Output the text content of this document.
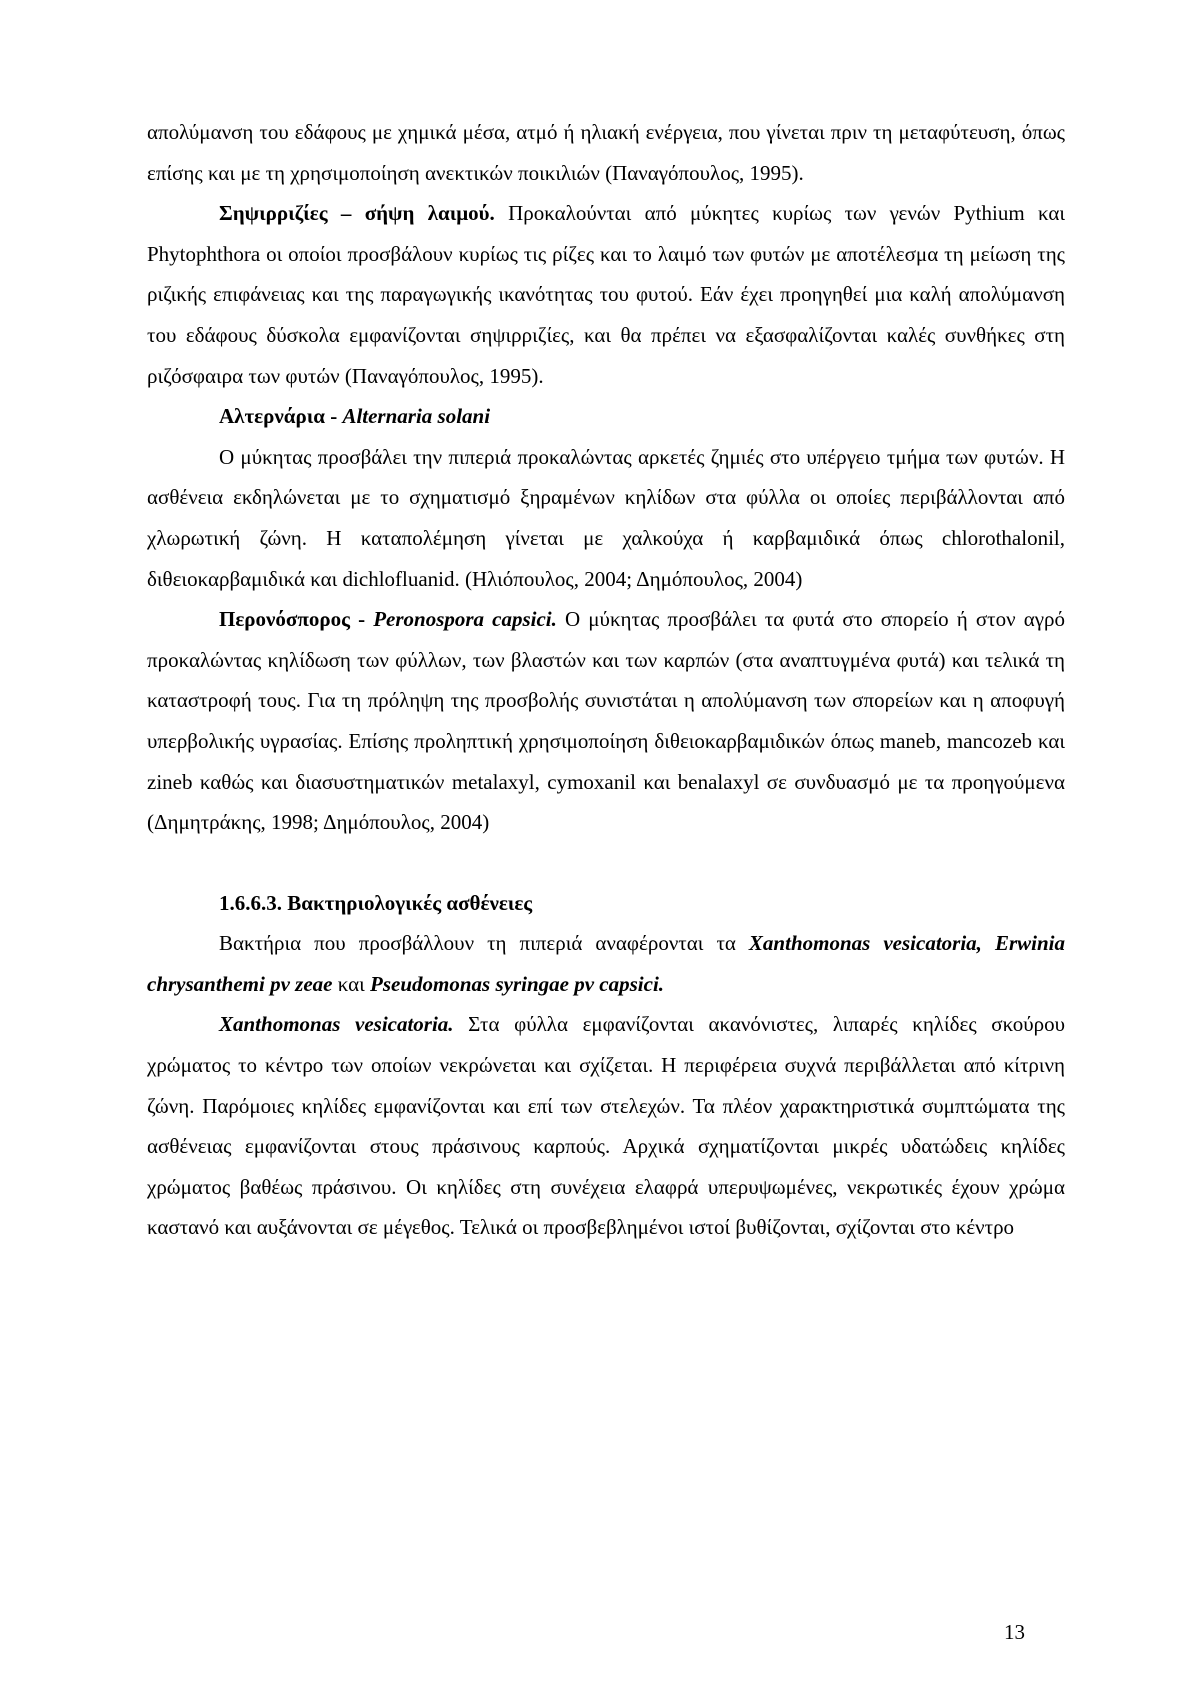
απολύμανση του εδάφους με χημικά μέσα, ατμό ή ηλιακή ενέργεια, που γίνεται πριν τη μεταφύτευση, όπως επίσης και με τη χρησιμοποίηση ανεκτικών ποικιλιών (Παναγόπουλος, 1995).

Σηψιρριζίες – σήψη λαιμού. Προκαλούνται από μύκητες κυρίως των γενών Pythium και Phytophthora οι οποίοι προσβάλουν κυρίως τις ρίζες και το λαιμό των φυτών με αποτέλεσμα τη μείωση της ριζικής επιφάνειας και της παραγωγικής ικανότητας του φυτού. Εάν έχει προηγηθεί μια καλή απολύμανση του εδάφους δύσκολα εμφανίζονται σηψιρριζίες, και θα πρέπει να εξασφαλίζονται καλές συνθήκες στη ριζόσφαιρα των φυτών (Παναγόπουλος, 1995).

Αλτερνάρια - Alternaria solani

Ο μύκητας προσβάλει την πιπεριά προκαλώντας αρκετές ζημιές στο υπέργειο τμήμα των φυτών. Η ασθένεια εκδηλώνεται με το σχηματισμό ξηραμένων κηλίδων στα φύλλα οι οποίες περιβάλλονται από χλωρωτική ζώνη. Η καταπολέμηση γίνεται με χαλκούχα ή καρβαμιδικά όπως chlorothalonil, διθειοκαρβαμιδικά και dichlofluanid. (Ηλιόπουλος, 2004; Δημόπουλος, 2004)

Περονόσπορος - Peronospora capsici. Ο μύκητας προσβάλει τα φυτά στο σπορείο ή στον αγρό προκαλώντας κηλίδωση των φύλλων, των βλαστών και των καρπών (στα αναπτυγμένα φυτά) και τελικά τη καταστροφή τους. Για τη πρόληψη της προσβολής συνιστάται η απολύμανση των σπορείων και η αποφυγή υπερβολικής υγρασίας. Επίσης προληπτική χρησιμοποίηση διθειοκαρβαμιδικών όπως maneb, mancozeb και zineb καθώς και διασυστηματικών metalaxyl, cymoxanil και benalaxyl σε συνδυασμό με τα προηγούμενα (Δημητράκης, 1998; Δημόπουλος, 2004)

1.6.6.3. Βακτηριολογικές ασθένειες

Βακτήρια που προσβάλλουν τη πιπεριά αναφέρονται τα Xanthomonas vesicatoria, Erwinia chrysanthemi pv zeae και Pseudomonas syringae pv capsici.

Xanthomonas vesicatoria. Στα φύλλα εμφανίζονται ακανόνιστες, λιπαρές κηλίδες σκούρου χρώματος το κέντρο των οποίων νεκρώνεται και σχίζεται. Η περιφέρεια συχνά περιβάλλεται από κίτρινη ζώνη. Παρόμοιες κηλίδες εμφανίζονται και επί των στελεχών. Τα πλέον χαρακτηριστικά συμπτώματα της ασθένειας εμφανίζονται στους πράσινους καρπούς. Αρχικά σχηματίζονται μικρές υδατώδεις κηλίδες χρώματος βαθέως πράσινου. Οι κηλίδες στη συνέχεια ελαφρά υπερυψωμένες, νεκρωτικές έχουν χρώμα καστανό και αυξάνονται σε μέγεθος. Τελικά οι προσβεβλημένοι ιστοί βυθίζονται, σχίζονται στο κέντρο

13
